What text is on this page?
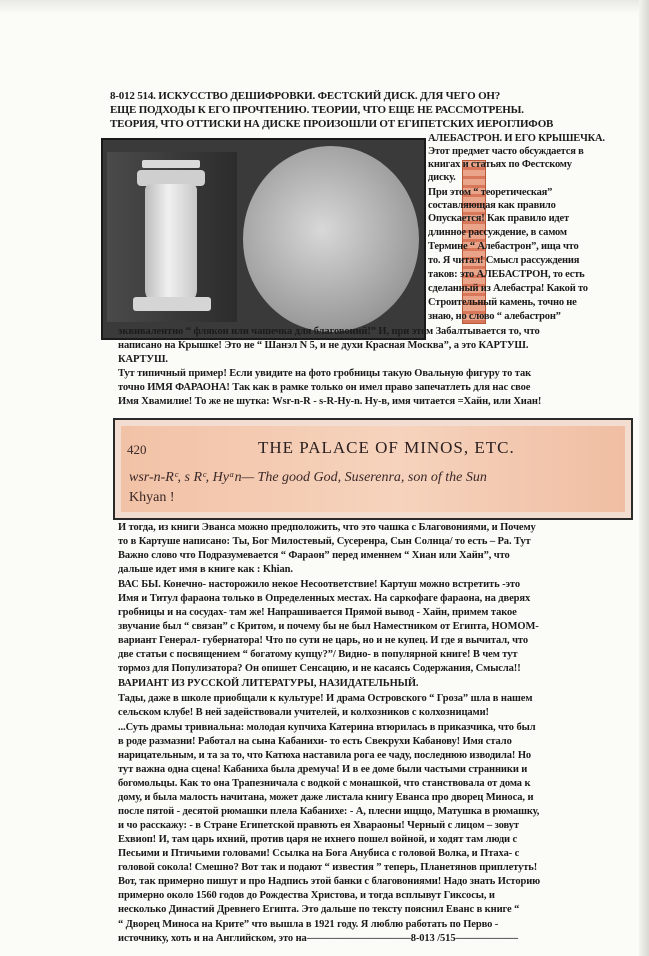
8-012 514. ИСКУССТВО ДЕШИФРОВКИ. ФЕСТСКИЙ ДИСК. ДЛЯ ЧЕГО ОН?
ЕЩЕ ПОДХОДЫ К ЕГО ПРОЧТЕНИЮ. ТЕОРИИ, ЧТО ЕЩЕ НЕ РАССМОТРЕНЫ.
ТЕОРИЯ, ЧТО ОТТИСКИ НА ДИСКЕ ПРОИЗОШЛИ ОТ ЕГИПЕТСКИХ ИЕРОГЛИФОВ
АЛЕБАСТРОН. И ЕГО КРЫШЕЧКА.
Этот предмет часто обсуждается в
книгах и статьях по Фестскому
диску.
При этом “ теоретическая”
составляющая как правило
Опускается! Как правило идет
длинное рассуждение, в самом
Термине “ Алебастрон”, ища что
то. Я читал! Смысл рассуждения
таков: это АЛЕБАСТРОН, то есть
сделанный из Алебастра! Какой то
Строительный камень, точно не
знаю, но слово “ алебастрон”
эквивалентно “ флякон или чашечка для благовоний!” И, при этом Забалтывается то, что
написано на Крышке! Это не “ Шанэл N 5, и не духи Красная Москва”, а это КАРТУШ.
КАРТУШ.
Тут типичный пример! Если увидите на фото гробницы такую Овальную фигуру то так
точно ИМЯ ФАРАОНА! Так как в рамке только он имел право запечатлеть для нас свое
Имя Хвамилие! То же не шутка: Wsr-n-R - s-R-Hy-n. Ну-в, имя читается =Хайн, или Хиан!
420	THE PALACE OF MINOS, ETC.
wsr-n-Rᶜ, s Rᶜ, Hyᵃn— The good God, Suserenra, son of the Sun
Khyan !
И тогда, из книги Эванса можно предположить, что это чашка с Благовониями, и Почему
то в Картуше написано: Ты, Бог Милостевый, Сусеренра, Сын Солнца/ то есть – Ра. Тут
Важно слово что Подразумевается “ Фараон” перед именнем “ Хиан или Хайн”, что
дальше идет имя в книге как : Khian.
ВАС БЫ. Конечно- насторожило некое Несоответствие! Картуш можно встретить -это
Имя и Титул фараона только в Определенных местах. На саркофаге фараона, на дверях
гробницы и на сосудах- там же! Напрашивается Прямой вывод - Хайн, примем такое
звучание был “ связан” с Критом, и почему бы не был Наместником от Египта, НОМОМ-
вариант Генерал- губернатора! Что по сути не царь, но и не купец. И где я вычитал, что
две статьи с посвящением “ богатому купцу?”/ Видно- в популярной книге! В чем тут
тормоз для Популизатора? Он опишет Сенсацию, и не касаясь Содержания, Смысла!!
ВАРИАНТ ИЗ РУССКОЙ ЛИТЕРАТУРЫ, НАЗИДАТЕЛЬНЫЙ.
Тады, даже в школе приобщали к культуре! И драма Островского “ Гроза” шла в нашем
сельском клубе! В ней задействовали учителей, и колхозников с колхозницами!
...Суть драмы тривиальна: молодая купчиха Катерина втюрилась в приказчика, что был
в роде размазни! Работал на сына Кабанихи- то есть Свекрухи Кабанову! Имя стало
нарицательным, и та за то, что Катюха наставила рога ее чаду, последнюю изводила! Но
тут важна одна сцена! Кабаниха была дремуча! И в ее доме были частыми странники и
богомольцы. Как то она Трапезничала с водкой с монашкой, что станствовала от дома к
дому, и была малость начитана, может даже листала книгу Еванса про дворец Миноса, и
после пятой - десятой рюмашки плела Кабанихе: - А, плесни ищщо, Матушка в рюмашку,
и чо расскажу: - в Стране Египетской правють ея Хвараоны! Черный с лицом – зовут
Ехвиоп! И, там царь ихний, против царя не ихнего пошел войной, и ходят там люди с
Песьими и Птичьими головами! Ссылка на Бога Анубиса с головой Волка, и Птаха- с
головой сокола! Смешно? Вот так и подают “ известия ” теперь, Планетянов приплетуть!
Вот, так примерно пишут и про Надпись этой банки с благовониями! Надо знать Историю
примерно около 1560 годов до Рождества Христова, и тогда всплывут Гиксосы, и
несколько Династий Древнего Египта. Это дальше по тексту пояснил Еванс в книге “
“ Дворец Миноса на Крите” что вышла в 1921 году. Я люблю работать по Перво -
источнику, хоть и на Английском, это на——————————8-013 /515——————
